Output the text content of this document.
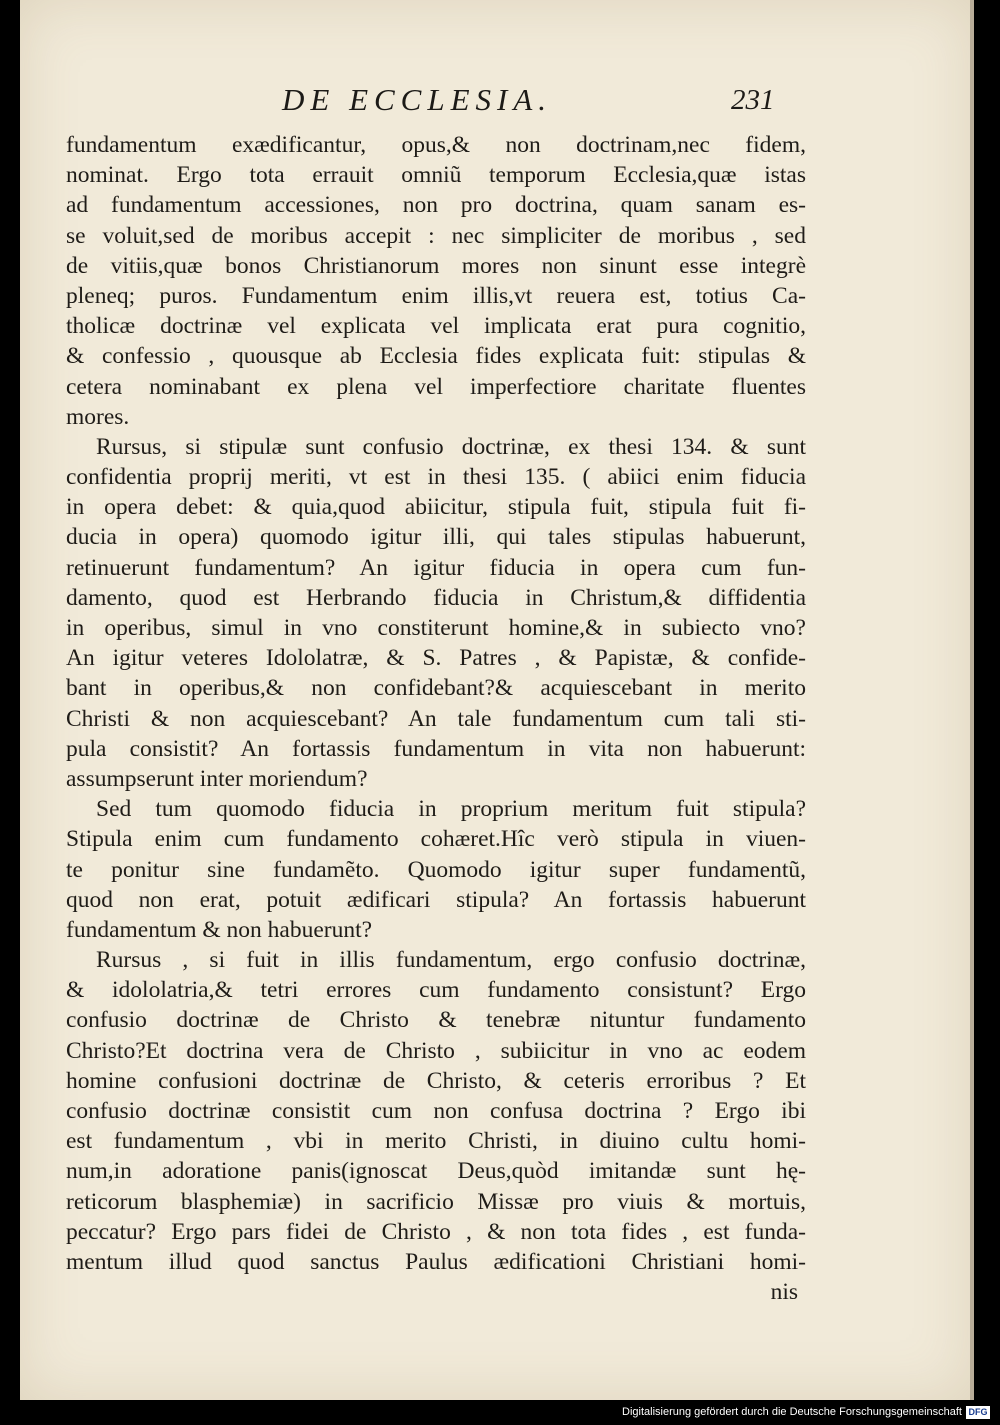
DE ECCLESIA.	231
fundamentum exædificantur, opus,& non doctrinam,nec fidem,
nominat. Ergo tota errauit omniũ temporum Ecclesia,quæ istas
ad fundamentum accessiones, non pro doctrina, quam sanam es-
se voluit,sed de moribus accepit : nec simpliciter de moribus , sed
de vitiis,quæ bonos Christianorum mores non sinunt esse integrè
pleneq; puros. Fundamentum enim illis,vt reuera est, totius Ca-
tholicæ doctrinæ vel explicata vel implicata erat pura cognitio,
& confessio , quousque ab Ecclesia fides explicata fuit: stipulas &
cetera nominabant ex plena vel imperfectiore charitate fluentes
mores.
Rursus, si stipulæ sunt confusio doctrinæ, ex thesi 134. & sunt
confidentia proprij meriti, vt est in thesi 135. ( abiici enim fiducia
in opera debet: & quia,quod abiicitur, stipula fuit, stipula fuit fi-
ducia in opera) quomodo igitur illi, qui tales stipulas habuerunt,
retinuerunt fundamentum? An igitur fiducia in opera cum fun-
damento, quod est Herbrando fiducia in Christum,& diffidentia
in operibus, simul in vno constiterunt homine,& in subiecto vno?
An igitur veteres Idololatræ, & S. Patres , & Papistæ, & confide-
bant in operibus,& non confidebant?& acquiescebant in merito
Christi & non acquiescebant? An tale fundamentum cum tali sti-
pula consistit? An fortassis fundamentum in vita non habuerunt:
assumpserunt inter moriendum?
Sed tum quomodo fiducia in proprium meritum fuit stipula?
Stipula enim cum fundamento cohæret.Hîc verò stipula in viuen-
te ponitur sine fundamẽto. Quomodo igitur super fundamentũ,
quod non erat, potuit ædificari stipula? An fortassis habuerunt
fundamentum & non habuerunt?
Rursus , si fuit in illis fundamentum, ergo confusio doctrinæ,
& idololatria,& tetri errores cum fundamento consistunt? Ergo
confusio doctrinæ de Christo & tenebræ nituntur fundamento
Christo?Et doctrina vera de Christo , subiicitur in vno ac eodem
homine confusioni doctrinæ de Christo, & ceteris erroribus ? Et
confusio doctrinæ consistit cum non confusa doctrina ? Ergo ibi
est fundamentum , vbi in merito Christi, in diuino cultu homi-
num,in adoratione panis(ignoscat Deus,quòd imitandæ sunt hę-
reticorum blasphemiæ) in sacrificio Missæ pro viuis & mortuis,
peccatur? Ergo pars fidei de Christo , & non tota fides , est funda-
mentum illud quod sanctus Paulus ædificationi Christiani homi-
nis
Digitalisierung gefördert durch die Deutsche Forschungsgemeinschaft DFG
